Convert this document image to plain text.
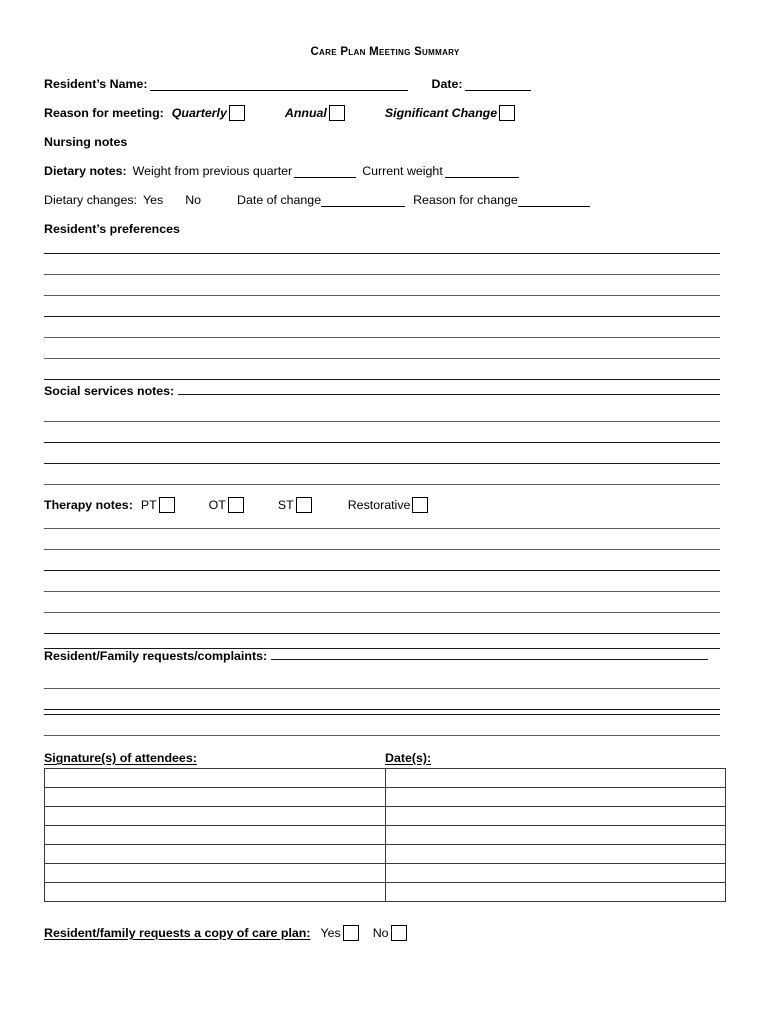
Care Plan Meeting Summary
Resident’s Name:	Date:
Reason for meeting: Quarterly	Annual	Significant Change
Nursing notes
Dietary notes: Weight from previous quarter	Current weight
Dietary changes: Yes No	Date of change	Reason for change
Resident’s preferences
Social services notes:
Therapy notes: PT	OT	ST	Restorative
Resident/Family requests/complaints:
Signature(s) of attendees:	Date(s):

Resident/family requests a copy of care plan: Yes	No
